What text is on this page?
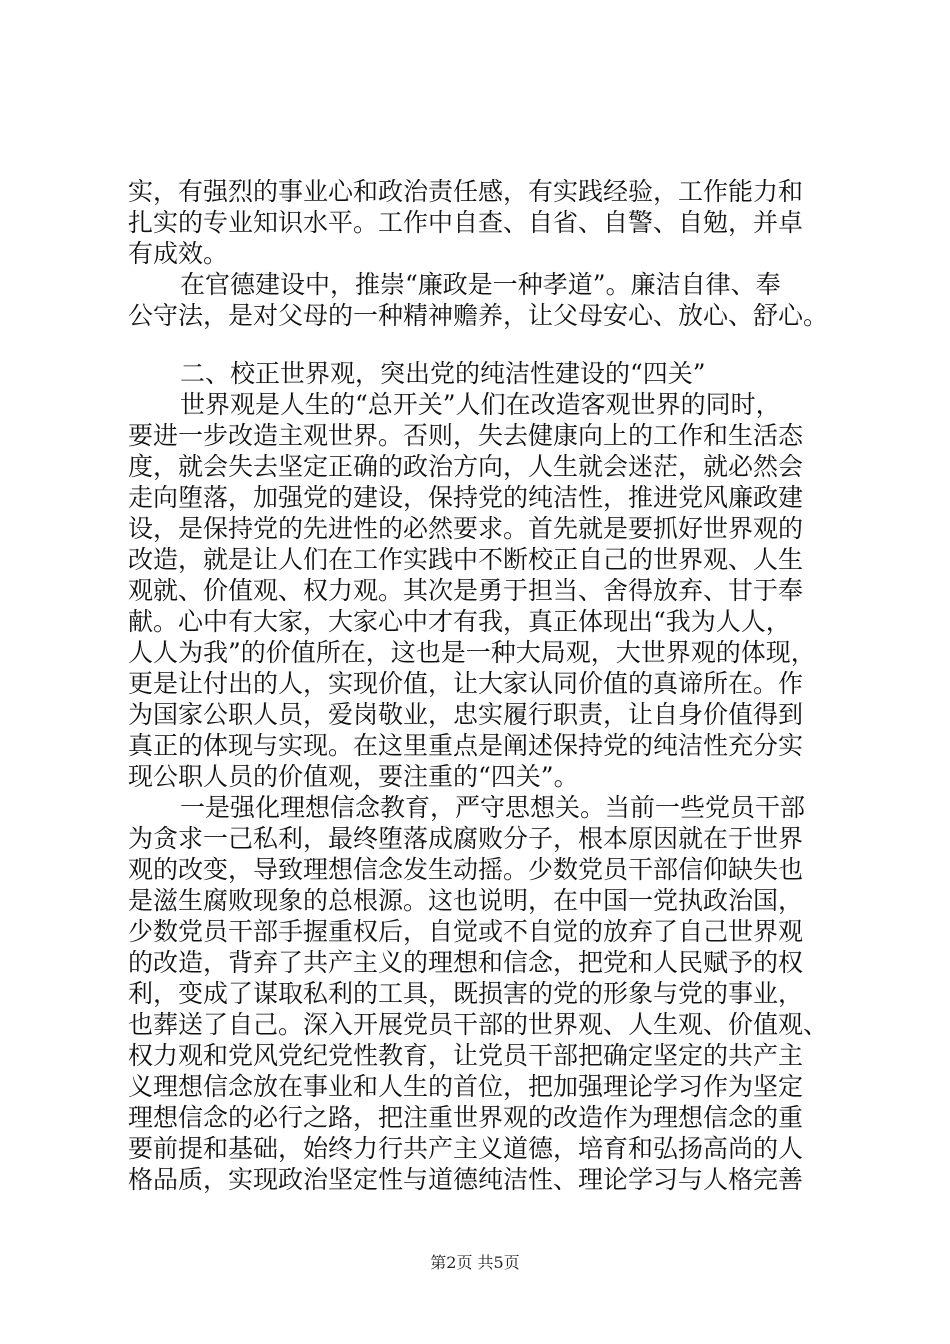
实，有强烈的事业心和政治责任感，有实践经验，工作能力和
扎实的专业知识水平。工作中自查、自省、自警、自勉，并卓
有成效。
在官德建设中，推崇“廉政是一种孝道”。廉洁自律、奉
公守法，是对父母的一种精神赡养，让父母安心、放心、舒心。
二、校正世界观，突出党的纯洁性建设的“四关”
世界观是人生的“总开关”人们在改造客观世界的同时，
要进一步改造主观世界。否则，失去健康向上的工作和生活态
度，就会失去坚定正确的政治方向，人生就会迷茫，就必然会
走向堕落，加强党的建设，保持党的纯洁性，推进党风廉政建
设，是保持党的先进性的必然要求。首先就是要抓好世界观的
改造，就是让人们在工作实践中不断校正自己的世界观、人生
观就、价值观、权力观。其次是勇于担当、舍得放弃、甘于奉
献。心中有大家，大家心中才有我，真正体现出“我为人人，
人人为我”的价值所在，这也是一种大局观，大世界观的体现，
更是让付出的人，实现价值，让大家认同价值的真谛所在。作
为国家公职人员，爱岗敬业，忠实履行职责，让自身价值得到
真正的体现与实现。在这里重点是阐述保持党的纯洁性充分实
现公职人员的价值观，要注重的“四关”。
一是强化理想信念教育，严守思想关。当前一些党员干部
为贪求一己私利，最终堕落成腐败分子，根本原因就在于世界
观的改变，导致理想信念发生动摇。少数党员干部信仰缺失也
是滋生腐败现象的总根源。这也说明，在中国一党执政治国，
少数党员干部手握重权后，自觉或不自觉的放弃了自己世界观
的改造，背弃了共产主义的理想和信念，把党和人民赋予的权
利，变成了谋取私利的工具，既损害的党的形象与党的事业，
也葬送了自己。深入开展党员干部的世界观、人生观、价值观、
权力观和党风党纪党性教育，让党员干部把确定坚定的共产主
义理想信念放在事业和人生的首位，把加强理论学习作为坚定
理想信念的必行之路，把注重世界观的改造作为理想信念的重
要前提和基础，始终力行共产主义道德，培育和弘扬高尚的人
格品质，实现政治坚定性与道德纯洁性、理论学习与人格完善
第2页 共5页
